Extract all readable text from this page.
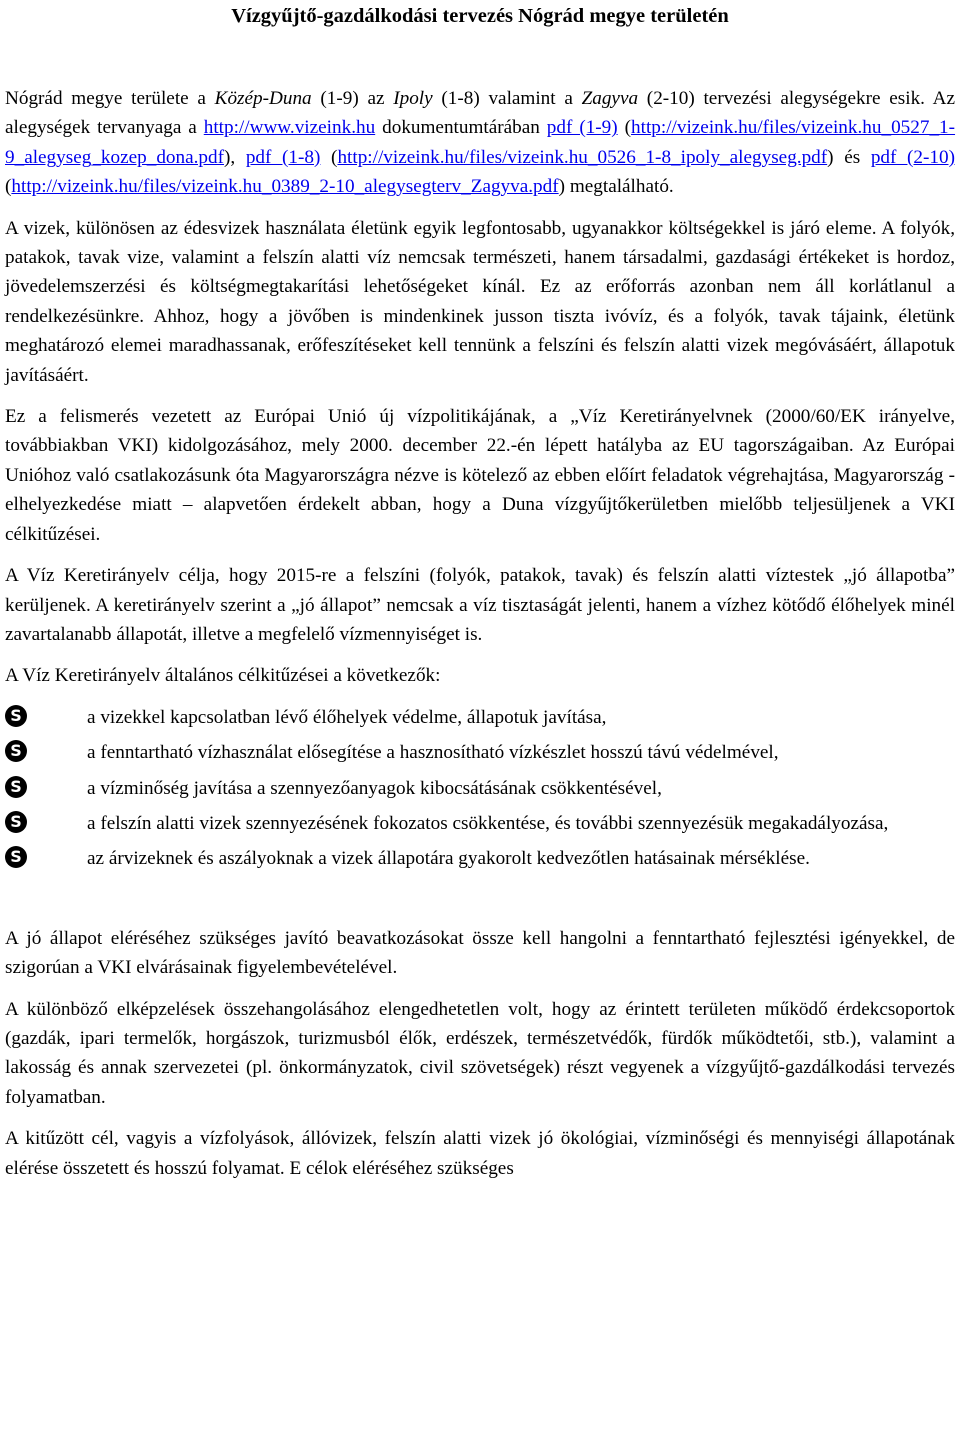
Vízgyűjtő-gazdálkodási tervezés Nógrád megye területén

Nógrád megye területe a Közép-Duna (1-9) az Ipoly (1-8) valamint a Zagyva (2-10) tervezési alegységekre esik. Az alegységek tervanyaga a http://www.vizeink.hu dokumentumtárában pdf (1-9) (http://vizeink.hu/files/vizeink.hu_0527_1-9_alegyseg_kozep_dona.pdf), pdf (1-8) (http://vizeink.hu/files/vizeink.hu_0526_1-8_ipoly_alegyseg.pdf) és pdf (2-10) (http://vizeink.hu/files/vizeink.hu_0389_2-10_alegysegterv_Zagyva.pdf) megtalálható.

A vizek, különösen az édesvizek használata életünk egyik legfontosabb, ugyanakkor költségekkel is járó eleme. A folyók, patakok, tavak vize, valamint a felszín alatti víz nemcsak természeti, hanem társadalmi, gazdasági értékeket is hordoz, jövedelemszerzési és költségmegtakarítási lehetőségeket kínál. Ez az erőforrás azonban nem áll korlátlanul a rendelkezésünkre. Ahhoz, hogy a jövőben is mindenkinek jusson tiszta ivóvíz, és a folyók, tavak tájaink, életünk meghatározó elemei maradhassanak, erőfeszítéseket kell tennünk a felszíni és felszín alatti vizek megóvásáért, állapotuk javításáért.

Ez a felismerés vezetett az Európai Unió új vízpolitikájának, a „Víz Keretirányelvnek (2000/60/EK irányelve, továbbiakban VKI) kidolgozásához, mely 2000. december 22.-én lépett hatályba az EU tagországaiban. Az Európai Unióhoz való csatlakozásunk óta Magyarországra nézve is kötelező az ebben előírt feladatok végrehajtása, Magyarország - elhelyezkedése miatt – alapvetően érdekelt abban, hogy a Duna vízgyűjtőkerületben mielőbb teljesüljenek a VKI célkitűzései.

A Víz Keretirányelv célja, hogy 2015-re a felszíni (folyók, patakok, tavak) és felszín alatti víztestek „jó állapotba” kerüljenek. A keretirányelv szerint a „jó állapot” nemcsak a víz tisztaságát jelenti, hanem a vízhez kötődő élőhelyek minél zavartalanabb állapotát, illetve a megfelelő vízmennyiséget is.

A Víz Keretirányelv általános célkitűzései a következők:

S	a vizekkel kapcsolatban lévő élőhelyek védelme, állapotuk javítása,
S	a fenntartható vízhasználat elősegítése a hasznosítható vízkészlet hosszú távú védelmével,
S	a vízminőség javítása a szennyezőanyagok kibocsátásának csökkentésével,
S	a felszín alatti vizek szennyezésének fokozatos csökkentése, és további szennyezésük megakadályozása,
S	az árvizeknek és aszályoknak a vizek állapotára gyakorolt kedvezőtlen hatásainak mérséklése.

A jó állapot eléréséhez szükséges javító beavatkozásokat össze kell hangolni a fenntartható fejlesztési igényekkel, de szigorúan a VKI elvárásainak figyelembevételével.

A különböző elképzelések összehangolásához elengedhetetlen volt, hogy az érintett területen működő érdekcsoportok (gazdák, ipari termelők, horgászok, turizmusból élők, erdészek, természetvédők, fürdők működtetői, stb.), valamint a lakosság és annak szervezetei (pl. önkormányzatok, civil szövetségek) részt vegyenek a vízgyűjtő-gazdálkodási tervezés folyamatban.

A kitűzött cél, vagyis a vízfolyások, állóvizek, felszín alatti vizek jó ökológiai, vízminőségi és mennyiségi állapotának elérése összetett és hosszú folyamat. E célok eléréséhez szükséges
